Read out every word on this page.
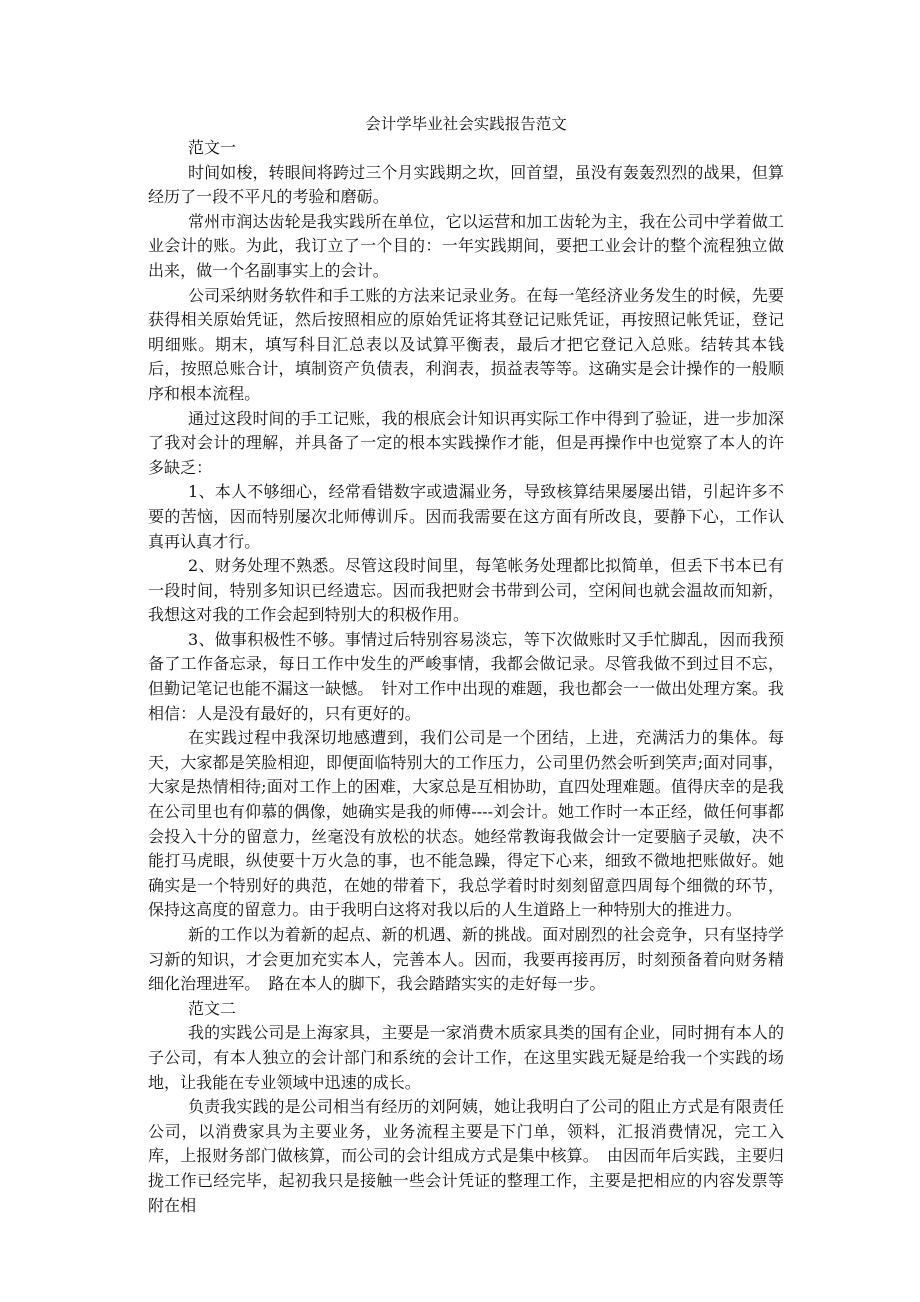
会计学毕业社会实践报告范文

范文一

时间如梭，转眼间将跨过三个月实践期之坎，回首望，虽没有轰轰烈烈的战果，但算经历了一段不平凡的考验和磨砺。

常州市润达齿轮是我实践所在单位，它以运营和加工齿轮为主，我在公司中学着做工业会计的账。为此，我订立了一个目的：一年实践期间，要把工业会计的整个流程独立做出来，做一个名副事实上的会计。

公司采纳财务软件和手工账的方法来记录业务。在每一笔经济业务发生的时候，先要获得相关原始凭证，然后按照相应的原始凭证将其登记记账凭证，再按照记帐凭证，登记明细账。期末，填写科目汇总表以及试算平衡表，最后才把它登记入总账。结转其本钱后，按照总账合计，填制资产负债表，利润表，损益表等等。这确实是会计操作的一般顺序和根本流程。

通过这段时间的手工记账，我的根底会计知识再实际工作中得到了验证，进一步加深了我对会计的理解，并具备了一定的根本实践操作才能，但是再操作中也觉察了本人的许多缺乏：

1、本人不够细心，经常看错数字或遗漏业务，导致核算结果屡屡出错，引起许多不要的苦恼，因而特别屡次北师傅训斥。因而我需要在这方面有所改良，要静下心，工作认真再认真才行。

2、财务处理不熟悉。尽管这段时间里，每笔帐务处理都比拟简单，但丢下书本已有一段时间，特别多知识已经遗忘。因而我把财会书带到公司，空闲间也就会温故而知新，我想这对我的工作会起到特别大的积极作用。

3、做事积极性不够。事情过后特别容易淡忘，等下次做账时又手忙脚乱，因而我预备了工作备忘录，每日工作中发生的严峻事情，我都会做记录。尽管我做不到过目不忘，但勤记笔记也能不漏这一缺憾。　针对工作中出现的难题，我也都会一一做出处理方案。我相信：人是没有最好的，只有更好的。

在实践过程中我深切地感遭到，我们公司是一个团结，上进，充满活力的集体。每天，大家都是笑脸相迎，即便面临特别大的工作压力，公司里仍然会听到笑声;面对同事，大家是热情相待;面对工作上的困难，大家总是互相协助，直四处理难题。值得庆幸的是我在公司里也有仰慕的偶像，她确实是我的师傅----刘会计。她工作时一本正经，做任何事都会投入十分的留意力，丝毫没有放松的状态。她经常教诲我做会计一定要脑子灵敏，决不能打马虎眼，纵使要十万火急的事，也不能急躁，得定下心来，细致不微地把账做好。她确实是一个特别好的典范，在她的带着下，我总学着时时刻刻留意四周每个细微的环节，保持这高度的留意力。由于我明白这将对我以后的人生道路上一种特别大的推进力。

新的工作以为着新的起点、新的机遇、新的挑战。面对剧烈的社会竞争，只有坚持学习新的知识，才会更加充实本人，完善本人。因而，我要再接再厉，时刻预备着向财务精细化治理进军。　路在本人的脚下，我会踏踏实实的走好每一步。

范文二

我的实践公司是上海家具，主要是一家消费木质家具类的国有企业，同时拥有本人的子公司，有本人独立的会计部门和系统的会计工作，在这里实践无疑是给我一个实践的场地，让我能在专业领域中迅速的成长。

负责我实践的是公司相当有经历的刘阿姨，她让我明白了公司的阻止方式是有限责任公司，以消费家具为主要业务，业务流程主要是下门单，领料，汇报消费情况，完工入库，上报财务部门做核算，而公司的会计组成方式是集中核算。　由因而年后实践，主要归拢工作已经完毕，起初我只是接触一些会计凭证的整理工作，主要是把相应的内容发票等附在相
